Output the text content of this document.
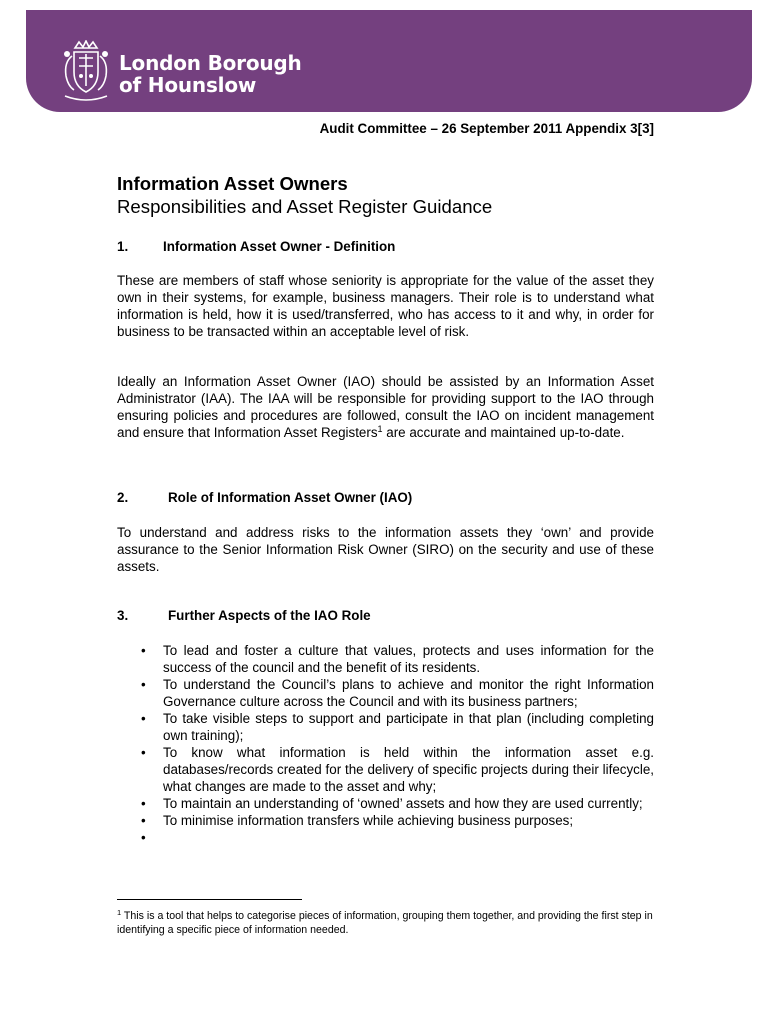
London Borough
of Hounslow
Audit Committee – 26 September 2011 Appendix 3[3]
Information Asset Owners
Responsibilities and Asset Register Guidance
1.	Information Asset Owner - Definition

These are members of staff whose seniority is appropriate for the value of the asset they own in their systems, for example, business managers. Their role is to understand what information is held, how it is used/transferred, who has access to it and why, in order for business to be transacted within an acceptable level of risk.

Ideally an Information Asset Owner (IAO) should be assisted by an Information Asset Administrator (IAA). The IAA will be responsible for providing support to the IAO through ensuring policies and procedures are followed, consult the IAO on incident management and ensure that Information Asset Registers$^1$ are accurate and maintained up-to-date.

2.	Role of Information Asset Owner (IAO)

To understand and address risks to the information assets they ‘own’ and provide assurance to the Senior Information Risk Owner (SIRO) on the security and use of these assets.

3.	Further Aspects of the IAO Role
• To lead and foster a culture that values, protects and uses information for the success of the council and the benefit of its residents.
• To understand the Council’s plans to achieve and monitor the right Information Governance culture across the Council and with its business partners;
• To take visible steps to support and participate in that plan (including completing own training);
• To know what information is held within the information asset e.g. databases/records created for the delivery of specific projects during their lifecycle, what changes are made to the asset and why;
• To maintain an understanding of ‘owned’ assets and how they are used currently;
• To minimise information transfers while achieving business purposes;
•

$^1$ This is a tool that helps to categorise pieces of information, grouping them together, and providing the first step in identifying a specific piece of information needed.
